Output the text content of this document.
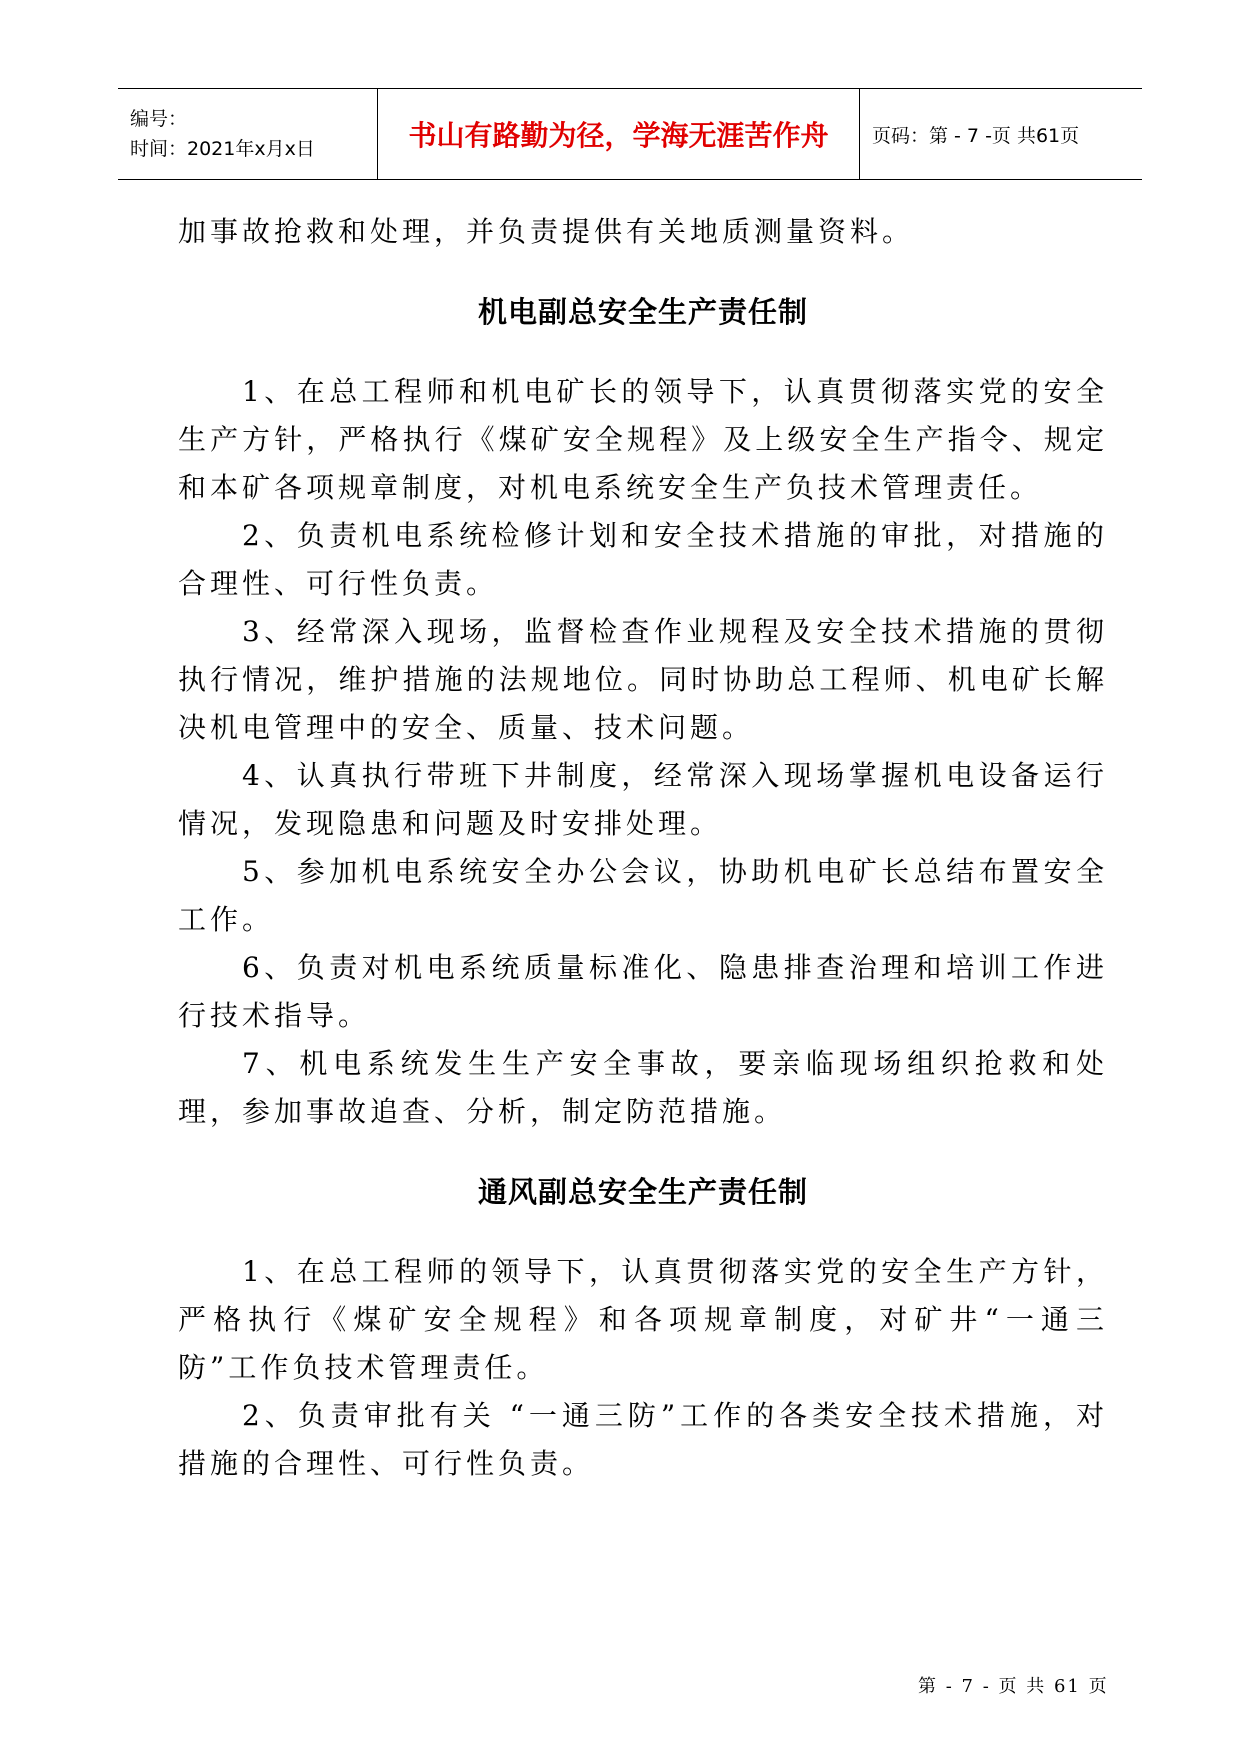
编号：
时间：2021年x月x日	书山有路勤为径，学海无涯苦作舟 页码：第 - 7 -页 共61页

加事故抢救和处理，并负责提供有关地质测量资料。

机电副总安全生产责任制

1、在总工程师和机电矿长的领导下，认真贯彻落实党的安全生产方针，严格执行《煤矿安全规程》及上级安全生产指令、规定和本矿各项规章制度，对机电系统安全生产负技术管理责任。

2、负责机电系统检修计划和安全技术措施的审批，对措施的合理性、可行性负责。

3、经常深入现场，监督检查作业规程及安全技术措施的贯彻执行情况，维护措施的法规地位。同时协助总工程师、机电矿长解决机电管理中的安全、质量、技术问题。

4、认真执行带班下井制度，经常深入现场掌握机电设备运行情况，发现隐患和问题及时安排处理。

5、参加机电系统安全办公会议，协助机电矿长总结布置安全工作。

6、负责对机电系统质量标准化、隐患排查治理和培训工作进行技术指导。

7、机电系统发生生产安全事故，要亲临现场组织抢救和处理，参加事故追查、分析，制定防范措施。

通风副总安全生产责任制

1、在总工程师的领导下，认真贯彻落实党的安全生产方针，严格执行《煤矿安全规程》和各项规章制度，对矿井“一通三防”工作负技术管理责任。

2、负责审批有关 “一通三防”工作的各类安全技术措施，对措施的合理性、可行性负责。

第 - 7 - 页 共 61 页
